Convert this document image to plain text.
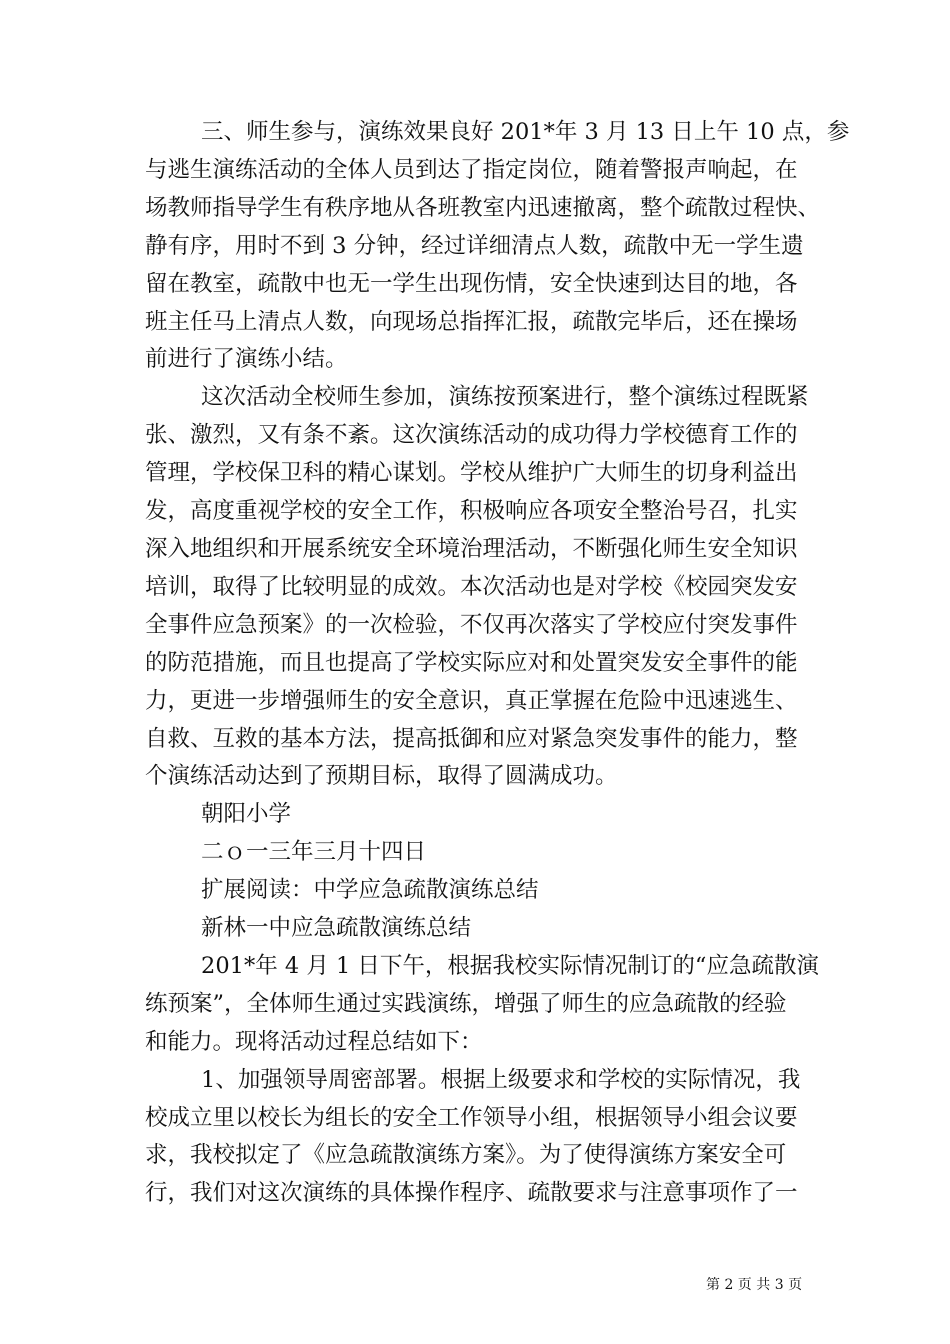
三、师生参与，演练效果良好 201*年 3 月 13 日上午 10 点，参
与逃生演练活动的全体人员到达了指定岗位，随着警报声响起，在
场教师指导学生有秩序地从各班教室内迅速撤离，整个疏散过程快、
静有序，用时不到 3 分钟，经过详细清点人数，疏散中无一学生遗
留在教室，疏散中也无一学生出现伤情，安全快速到达目的地，各
班主任马上清点人数，向现场总指挥汇报，疏散完毕后，还在操场
前进行了演练小结。
这次活动全校师生参加，演练按预案进行，整个演练过程既紧
张、激烈，又有条不紊。这次演练活动的成功得力学校德育工作的
管理，学校保卫科的精心谋划。学校从维护广大师生的切身利益出
发，高度重视学校的安全工作，积极响应各项安全整治号召，扎实
深入地组织和开展系统安全环境治理活动，不断强化师生安全知识
培训，取得了比较明显的成效。本次活动也是对学校《校园突发安
全事件应急预案》的一次检验，不仅再次落实了学校应付突发事件
的防范措施，而且也提高了学校实际应对和处置突发安全事件的能
力，更进一步增强师生的安全意识，真正掌握在危险中迅速逃生、
自救、互救的基本方法，提高抵御和应对紧急突发事件的能力，整
个演练活动达到了预期目标，取得了圆满成功。
朝阳小学
二ｏ一三年三月十四日
扩展阅读：中学应急疏散演练总结
新林一中应急疏散演练总结
201*年 4 月 1 日下午，根据我校实际情况制订的“应急疏散演
练预案”，全体师生通过实践演练，增强了师生的应急疏散的经验
和能力。现将活动过程总结如下：
1、加强领导周密部署。根据上级要求和学校的实际情况，我
校成立里以校长为组长的安全工作领导小组，根据领导小组会议要
求，我校拟定了《应急疏散演练方案》。为了使得演练方案安全可
行，我们对这次演练的具体操作程序、疏散要求与注意事项作了一
第 2 页 共 3 页
